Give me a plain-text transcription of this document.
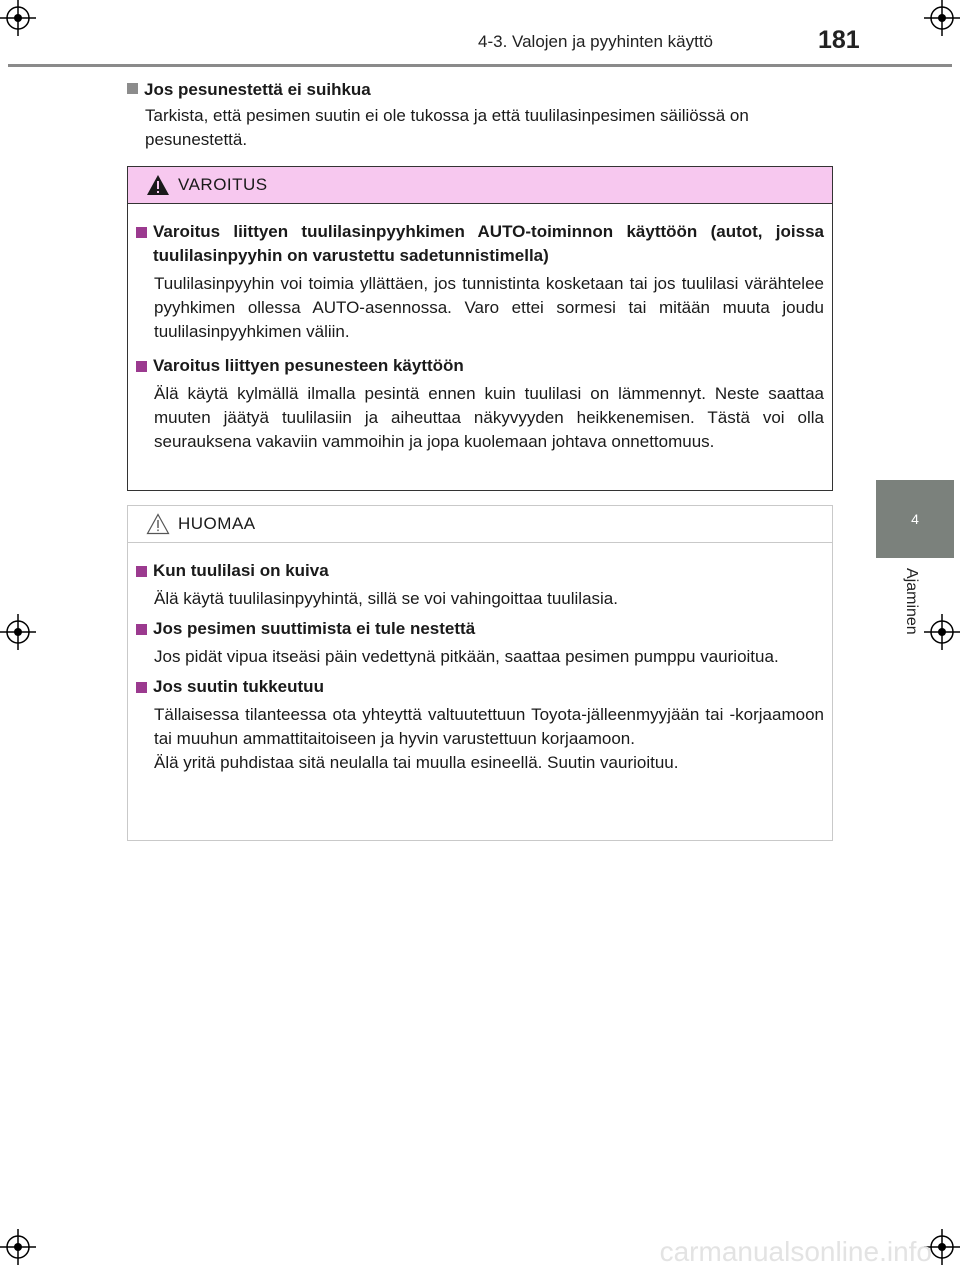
4-3. Valojen ja pyyhinten käyttö	181
4
Ajaminen
Jos pesunestettä ei suihkua

Tarkista, että pesimen suutin ei ole tukossa ja että tuulilasinpesimen säiliössä on pesunestettä.

VAROITUS
Varoitus liittyen tuulilasinpyyhkimen AUTO-toiminnon käyttöön (autot, joissa tuulilasinpyyhin on varustettu sadetunnistimella)

Tuulilasinpyyhin voi toimia yllättäen, jos tunnistinta kosketaan tai jos tuulilasi värähtelee pyyhkimen ollessa AUTO-asennossa. Varo ettei sormesi tai mitään muuta joudu tuulilasinpyyhkimen väliin.

Varoitus liittyen pesunesteen käyttöön

Älä käytä kylmällä ilmalla pesintä ennen kuin tuulilasi on lämmennyt. Neste saattaa muuten jäätyä tuulilasiin ja aiheuttaa näkyvyyden heikkenemisen. Tästä voi olla seurauksena vakaviin vammoihin ja jopa kuolemaan johtava onnettomuus.

HUOMAA
Kun tuulilasi on kuiva

Älä käytä tuulilasinpyyhintä, sillä se voi vahingoittaa tuulilasia.

Jos pesimen suuttimista ei tule nestettä

Jos pidät vipua itseäsi päin vedettynä pitkään, saattaa pesimen pumppu vaurioitua.

Jos suutin tukkeutuu

Tällaisessa tilanteessa ota yhteyttä valtuutettuun Toyota-jälleenmyyjään tai -korjaamoon tai muuhun ammattitaitoiseen ja hyvin varustettuun korjaamoon.

Älä yritä puhdistaa sitä neulalla tai muulla esineellä. Suutin vaurioituu.

carmanualsonline.info
